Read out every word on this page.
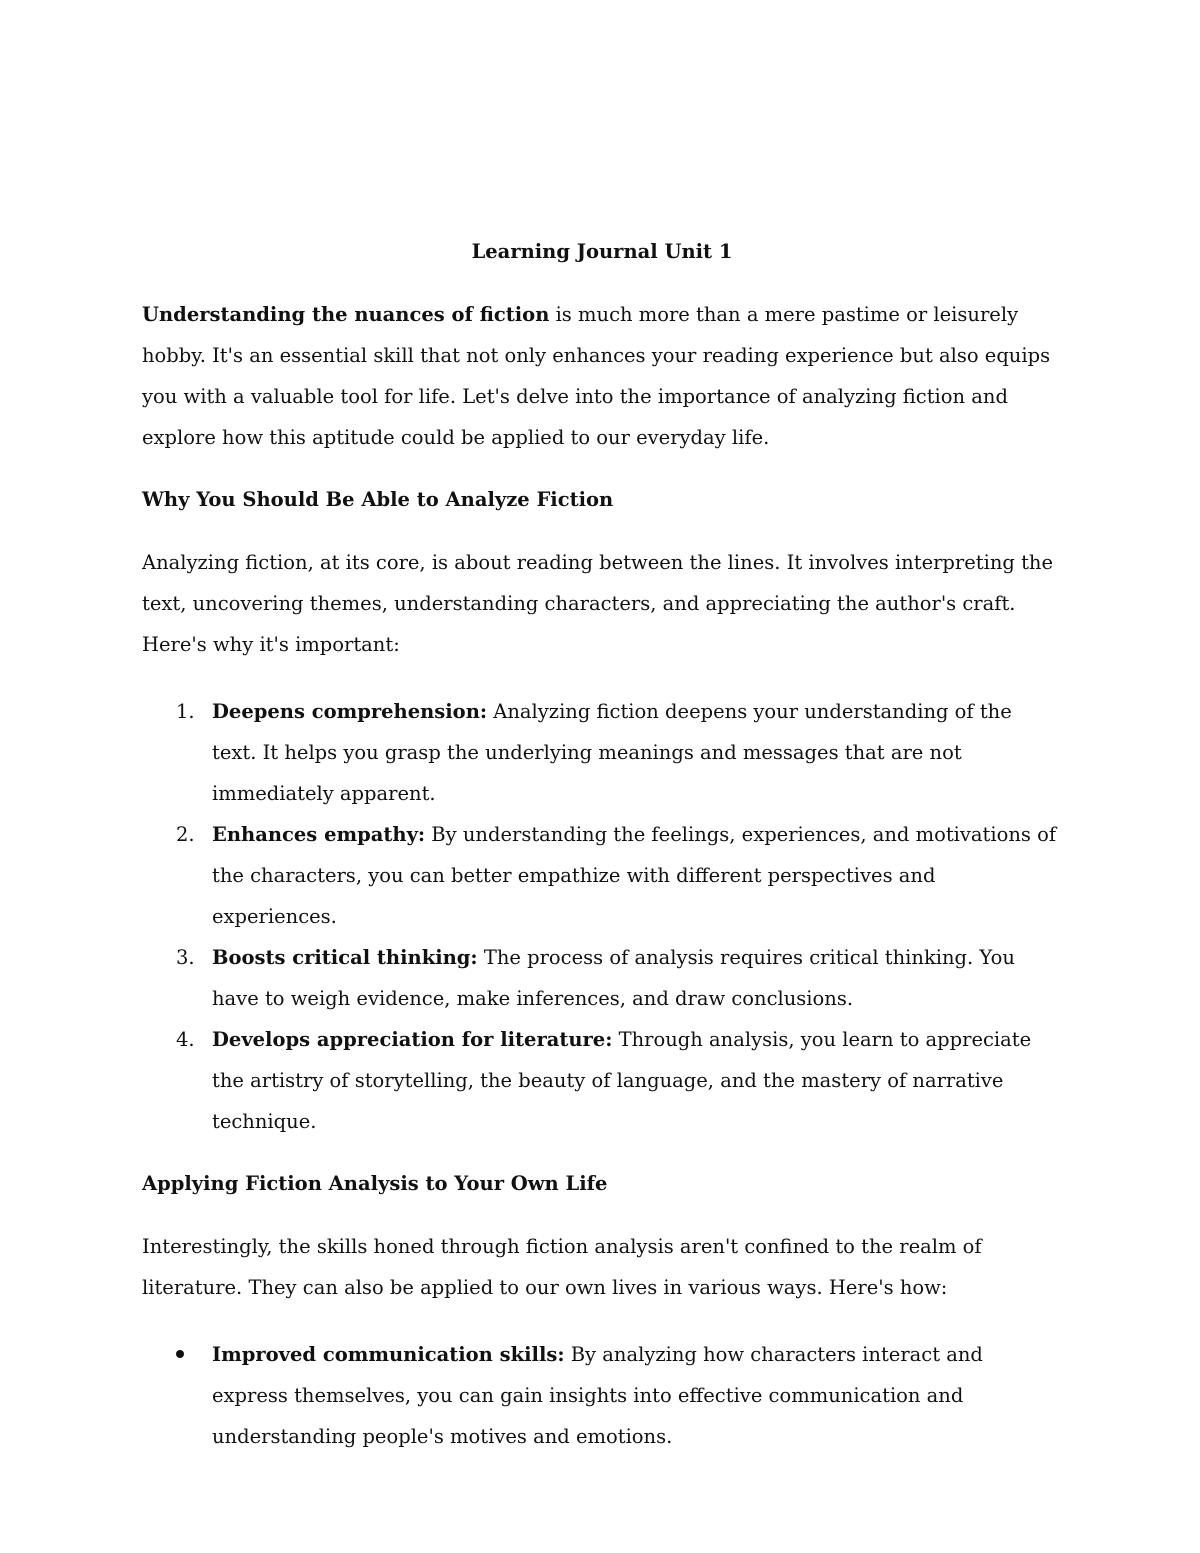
Learning Journal Unit 1

Understanding the nuances of fiction is much more than a mere pastime or leisurely hobby. It's an essential skill that not only enhances your reading experience but also equips you with a valuable tool for life. Let's delve into the importance of analyzing fiction and explore how this aptitude could be applied to our everyday life.

Why You Should Be Able to Analyze Fiction

Analyzing fiction, at its core, is about reading between the lines. It involves interpreting the text, uncovering themes, understanding characters, and appreciating the author's craft. Here's why it's important:

1. Deepens comprehension: Analyzing fiction deepens your understanding of the text. It helps you grasp the underlying meanings and messages that are not immediately apparent.
2. Enhances empathy: By understanding the feelings, experiences, and motivations of the characters, you can better empathize with different perspectives and experiences.
3. Boosts critical thinking: The process of analysis requires critical thinking. You have to weigh evidence, make inferences, and draw conclusions.
4. Develops appreciation for literature: Through analysis, you learn to appreciate the artistry of storytelling, the beauty of language, and the mastery of narrative technique.
Applying Fiction Analysis to Your Own Life

Interestingly, the skills honed through fiction analysis aren't confined to the realm of literature. They can also be applied to our own lives in various ways. Here's how:

Improved communication skills: By analyzing how characters interact and express themselves, you can gain insights into effective communication and understanding people's motives and emotions.
